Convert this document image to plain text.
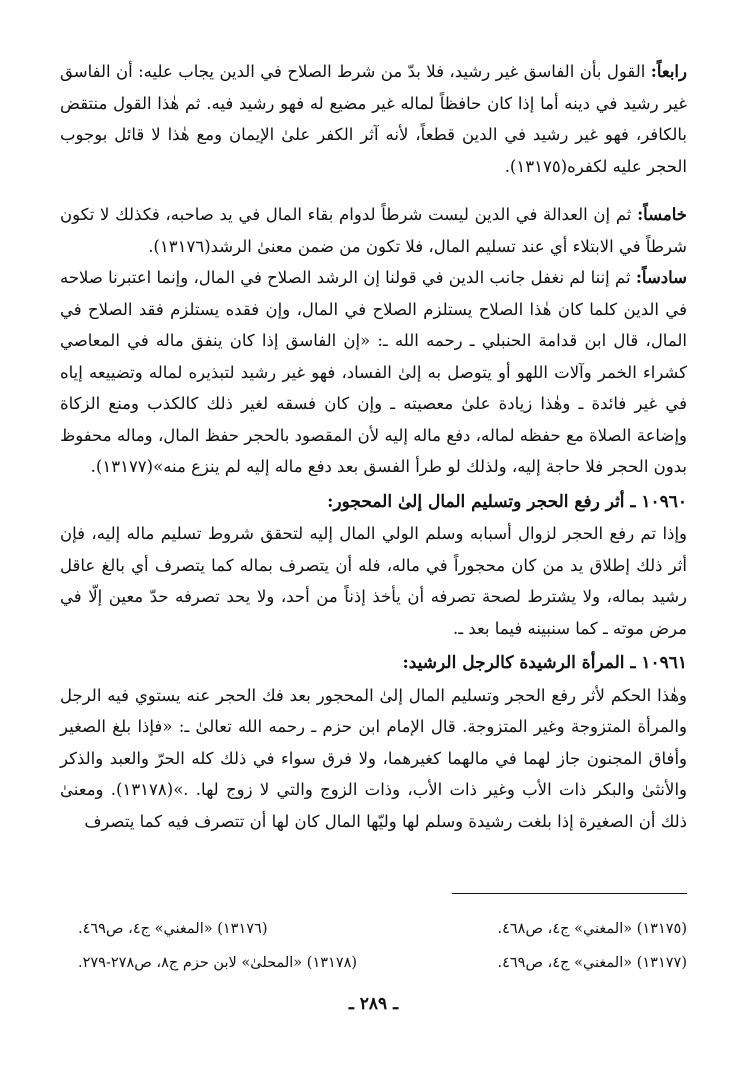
رابعاً: القول بأن الفاسق غير رشيد، فلا بدّ من شرط الصلاح في الدين يجاب عليه: أن الفاسق غير رشيد في دينه أما إذا كان حافظاً لماله غير مضيع له فهو رشيد فيه. ثم هٰذا القول منتقض بالكافر، فهو غير رشيد في الدين قطعاً، لأنه آثر الكفر علىٰ الإيمان ومع هٰذا لا قائل بوجوب الحجر عليه لكفره(١٣١٧٥).

خامساً: ثم إن العدالة في الدين ليست شرطاً لدوام بقاء المال في يد صاحبه، فكذلك لا تكون شرطاً في الابتلاء أي عند تسليم المال، فلا تكون من ضمن معنىٰ الرشد(١٣١٧٦).

سادساً: ثم إننا لم نغفل جانب الدين في قولنا إن الرشد الصلاح في المال، وإنما اعتبرنا صلاحه في الدين كلما كان هٰذا الصلاح يستلزم الصلاح في المال، وإن فقده يستلزم فقد الصلاح في المال، قال ابن قدامة الحنبلي ـ رحمه الله ـ: «إن الفاسق إذا كان ينفق ماله في المعاصي كشراء الخمر وآلات اللهو أو يتوصل به إلىٰ الفساد، فهو غير رشيد لتبذيره لماله وتضييعه إياه في غير فائدة ـ وهٰذا زيادة علىٰ معصيته ـ وإن كان فسقه لغير ذلك كالكذب ومنع الزكاة وإضاعة الصلاة مع حفظه لماله، دفع ماله إليه لأن المقصود بالحجر حفظ المال، وماله محفوظ بدون الحجر فلا حاجة إليه، ولذلك لو طرأ الفسق بعد دفع ماله إليه لم ينزع منه»(١٣١٧٧).

١٠٩٦٠ ـ أثر رفع الحجر وتسليم المال إلىٰ المحجور:

وإذا تم رفع الحجر لزوال أسبابه وسلم الولي المال إليه لتحقق شروط تسليم ماله إليه، فإن أثر ذلك إطلاق يد من كان محجوراً في ماله، فله أن يتصرف بماله كما يتصرف أي بالغ عاقل رشيد بماله، ولا يشترط لصحة تصرفه أن يأخذ إذناً من أحد، ولا يحد تصرفه حدّ معين إلّا في مرض موته ـ كما سنبينه فيما بعد ـ.

١٠٩٦١ ـ المرأة الرشيدة كالرجل الرشيد:

وهٰذا الحكم لأثر رفع الحجر وتسليم المال إلىٰ المحجور بعد فك الحجر عنه يستوي فيه الرجل والمرأة المتزوجة وغير المتزوجة. قال الإمام ابن حزم ـ رحمه الله تعالىٰ ـ: «فإذا بلغ الصغير وأفاق المجنون جاز لهما في مالهما كغيرهما، ولا فرق سواء في ذلك كله الحرّ والعبد والذكر والأنثىٰ والبكر ذات الأب وغير ذات الأب، وذات الزوج والتي لا زوج لها. .»(١٣١٧٨). ومعنىٰ ذلك أن الصغيرة إذا بلغت رشيدة وسلم لها وليّها المال كان لها أن تتصرف فيه كما يتصرف

(١٣١٧٥) «المغني» ج٤، ص٤٦٨.
(١٣١٧٦) «المغني» ج٤، ص٤٦٩.
(١٣١٧٧) «المغني» ج٤، ص٤٦٩.
(١٣١٧٨) «المحلىٰ» لابن حزم ج٨، ص٢٧٨-٢٧٩.
ـ ٢٨٩ ـ
